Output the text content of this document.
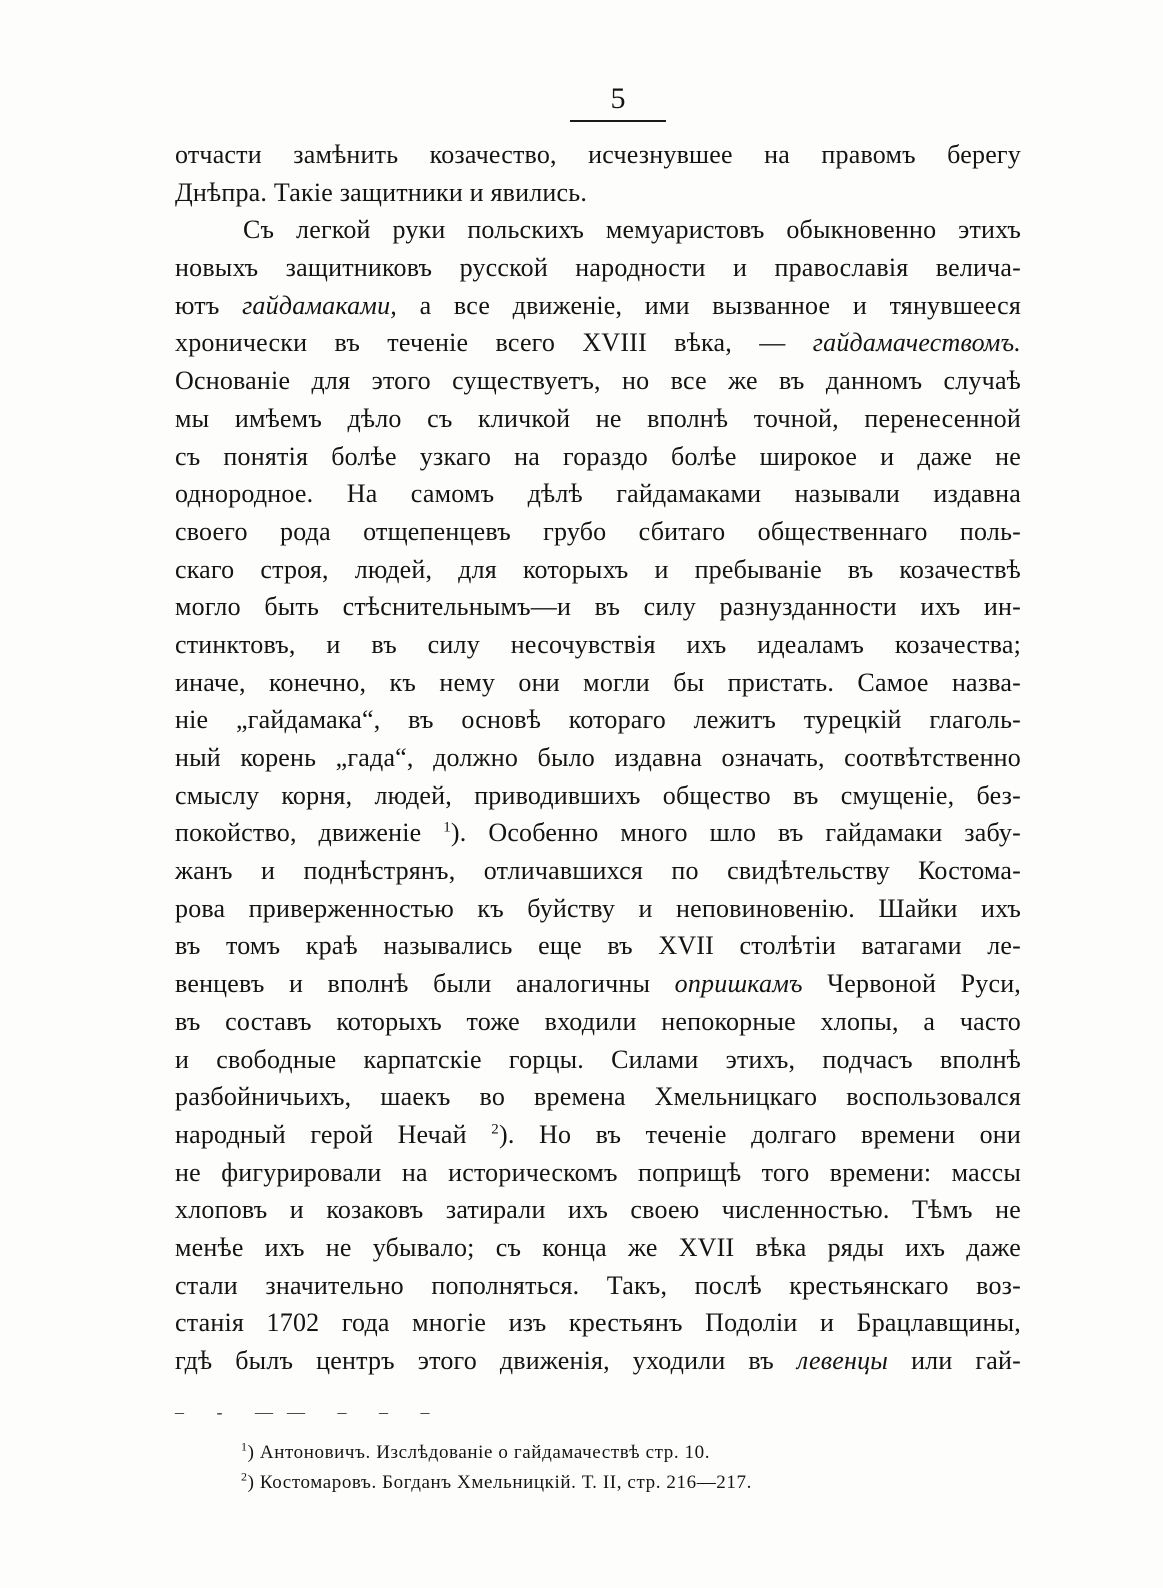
5
отчасти замѣнить козачество, исчезнувшее на правомъ берегу
Днѣпра. Такіе защитники и явились.
Съ легкой руки польскихъ мемуаристовъ обыкновенно этихъ
новыхъ защитниковъ русской народности и православія величa-
ютъ гайдамаками, а все движеніе, ими вызванное и тянувшееся
хронически въ теченіе всего XVIII вѣка, — гайдамачествомъ.
Основаніе для этого существуетъ, но все же въ данномъ случаѣ
мы имѣемъ дѣло съ кличкой не вполнѣ точной, перенесенной
съ понятія болѣе узкаго на гораздо болѣе широкое и даже не
однородное. На самомъ дѣлѣ гайдамаками называли издавна
своего рода отщепенцевъ грубо сбитаго общественнаго поль-
скаго строя, людей, для которыхъ и пребываніе въ козачествѣ
могло быть стѣснительнымъ—и въ силу разнузданности ихъ ин-
стинктовъ, и въ силу несочувствія ихъ идеаламъ козачества;
иначе, конечно, къ нему они могли бы пристать. Самое назва-
ніе „гайдамака“, въ основѣ котораго лежитъ турецкій глаголь-
ный корень „гада“, должно было издавна означать, соотвѣтственно
смыслу корня, людей, приводившихъ общество въ смущеніе, без-
покойство, движеніе $^1$). Особенно много шло въ гайдамаки забу-
жанъ и поднѣстрянъ, отличавшихся по свидѣтельству Костома-
рова приверженностью къ буйству и неповиновенію. Шайки ихъ
въ томъ краѣ назывались еще въ XVII столѣтіи ватагами ле-
венцевъ и вполнѣ были аналогичны опришкамъ Червоной Руси,
въ составъ которыхъ тоже входили непокорные хлопы, а часто
и свободные карпатскіе горцы. Силами этихъ, подчасъ вполнѣ
разбойничьихъ, шаекъ во времена Хмельницкаго воспользовался
народный герой Нечай $^2$). Но въ теченіе долгаго времени они
не фигурировали на историческомъ поприщѣ того времени: массы
хлоповъ и козаковъ затирали ихъ своею численностью. Тѣмъ не
менѣе ихъ не убывало; съ конца же XVII вѣка ряды ихъ даже
стали значительно пополняться. Такъ, послѣ крестьянскаго воз-
станія 1702 года многіе изъ крестьянъ Подоліи и Брацлавщины,
гдѣ былъ центръ этого движенія, уходили въ левенцы или гай-
– - —— – – –
$^1$) Антоновичъ. Изслѣдованіе о гайдамачествѣ стр. 10.
$^2$) Костомаровъ. Богданъ Хмельницкій. Т. II, стр. 216—217.
